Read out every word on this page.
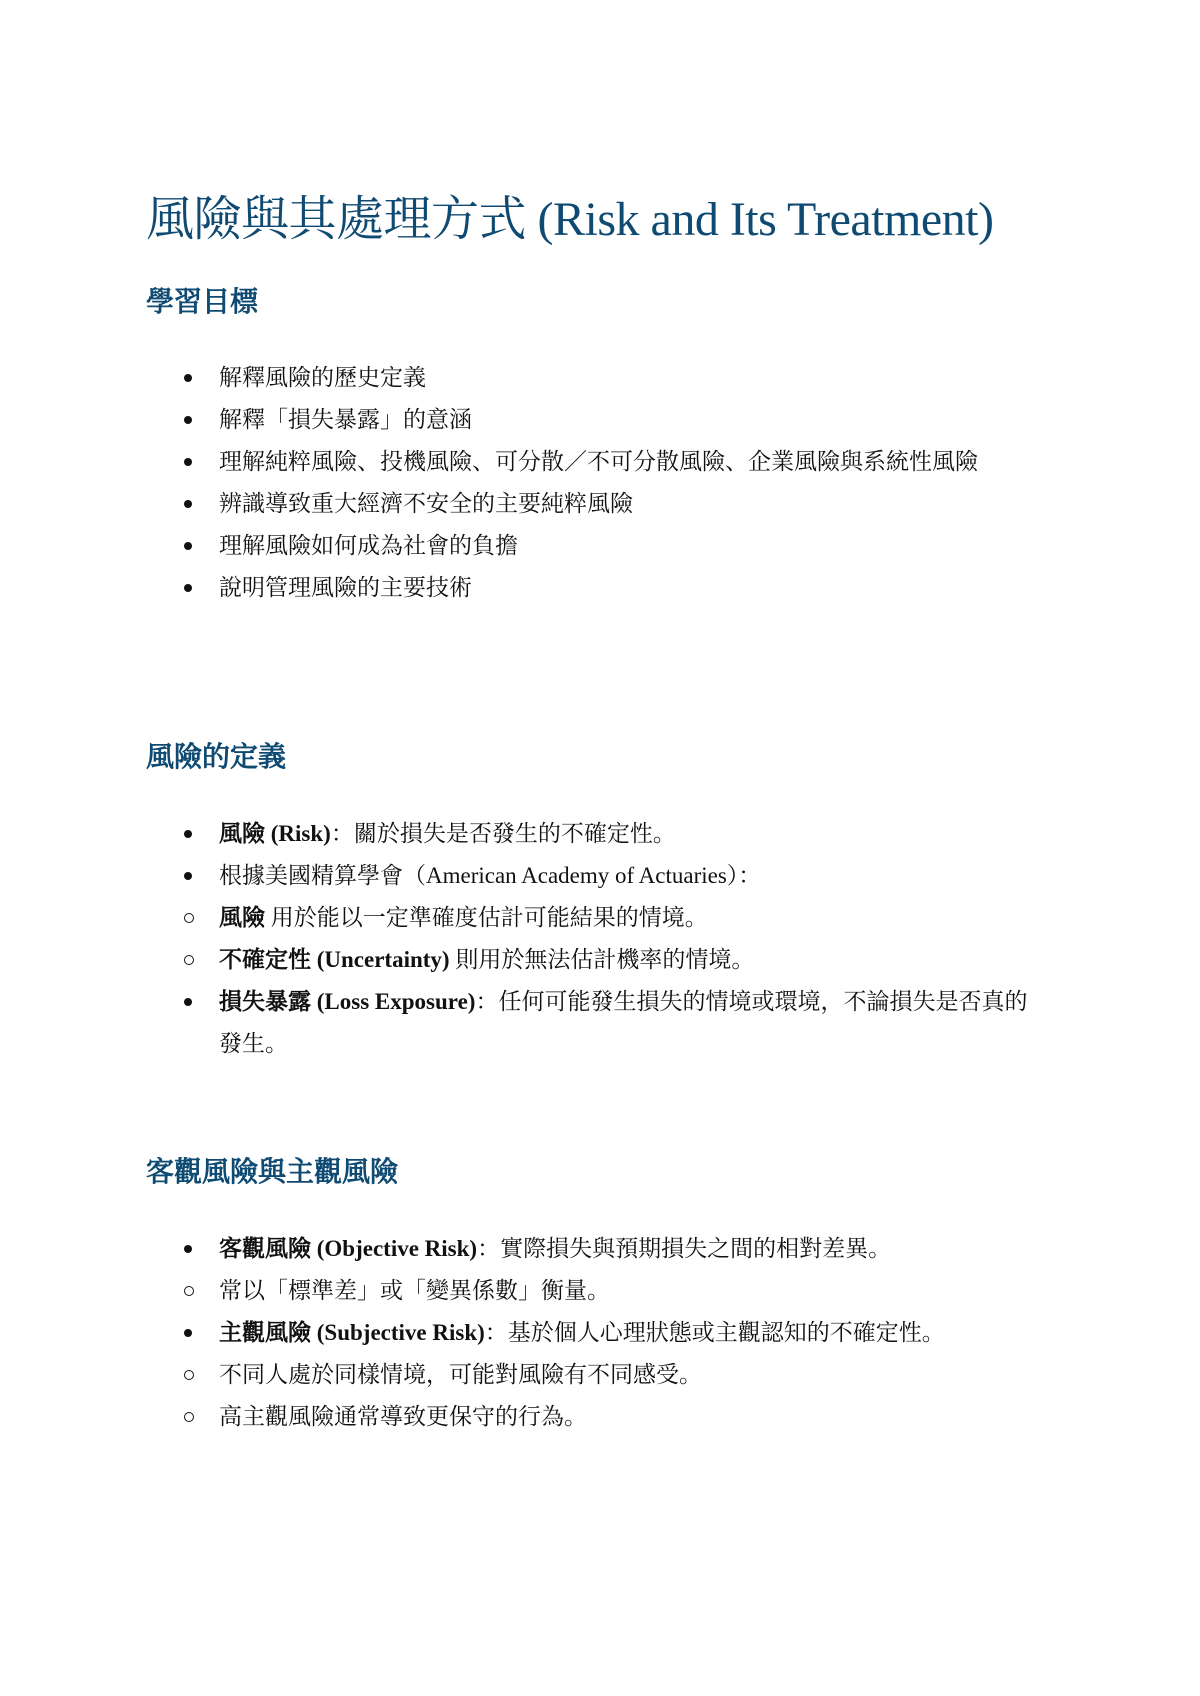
風險與其處理方式 (Risk and Its Treatment)
學習目標
解釋風險的歷史定義
解釋「損失暴露」的意涵
理解純粹風險、投機風險、可分散／不可分散風險、企業風險與系統性風險
辨識導致重大經濟不安全的主要純粹風險
理解風險如何成為社會的負擔
說明管理風險的主要技術
風險的定義
風險 (Risk)：關於損失是否發生的不確定性。
根據美國精算學會（American Academy of Actuaries）：
風險 用於能以一定準確度估計可能結果的情境。
不確定性 (Uncertainty) 則用於無法估計機率的情境。
損失暴露 (Loss Exposure)：任何可能發生損失的情境或環境，不論損失是否真的發生。
客觀風險與主觀風險
客觀風險 (Objective Risk)：實際損失與預期損失之間的相對差異。
常以「標準差」或「變異係數」衡量。
主觀風險 (Subjective Risk)：基於個人心理狀態或主觀認知的不確定性。
不同人處於同樣情境，可能對風險有不同感受。
高主觀風險通常導致更保守的行為。
